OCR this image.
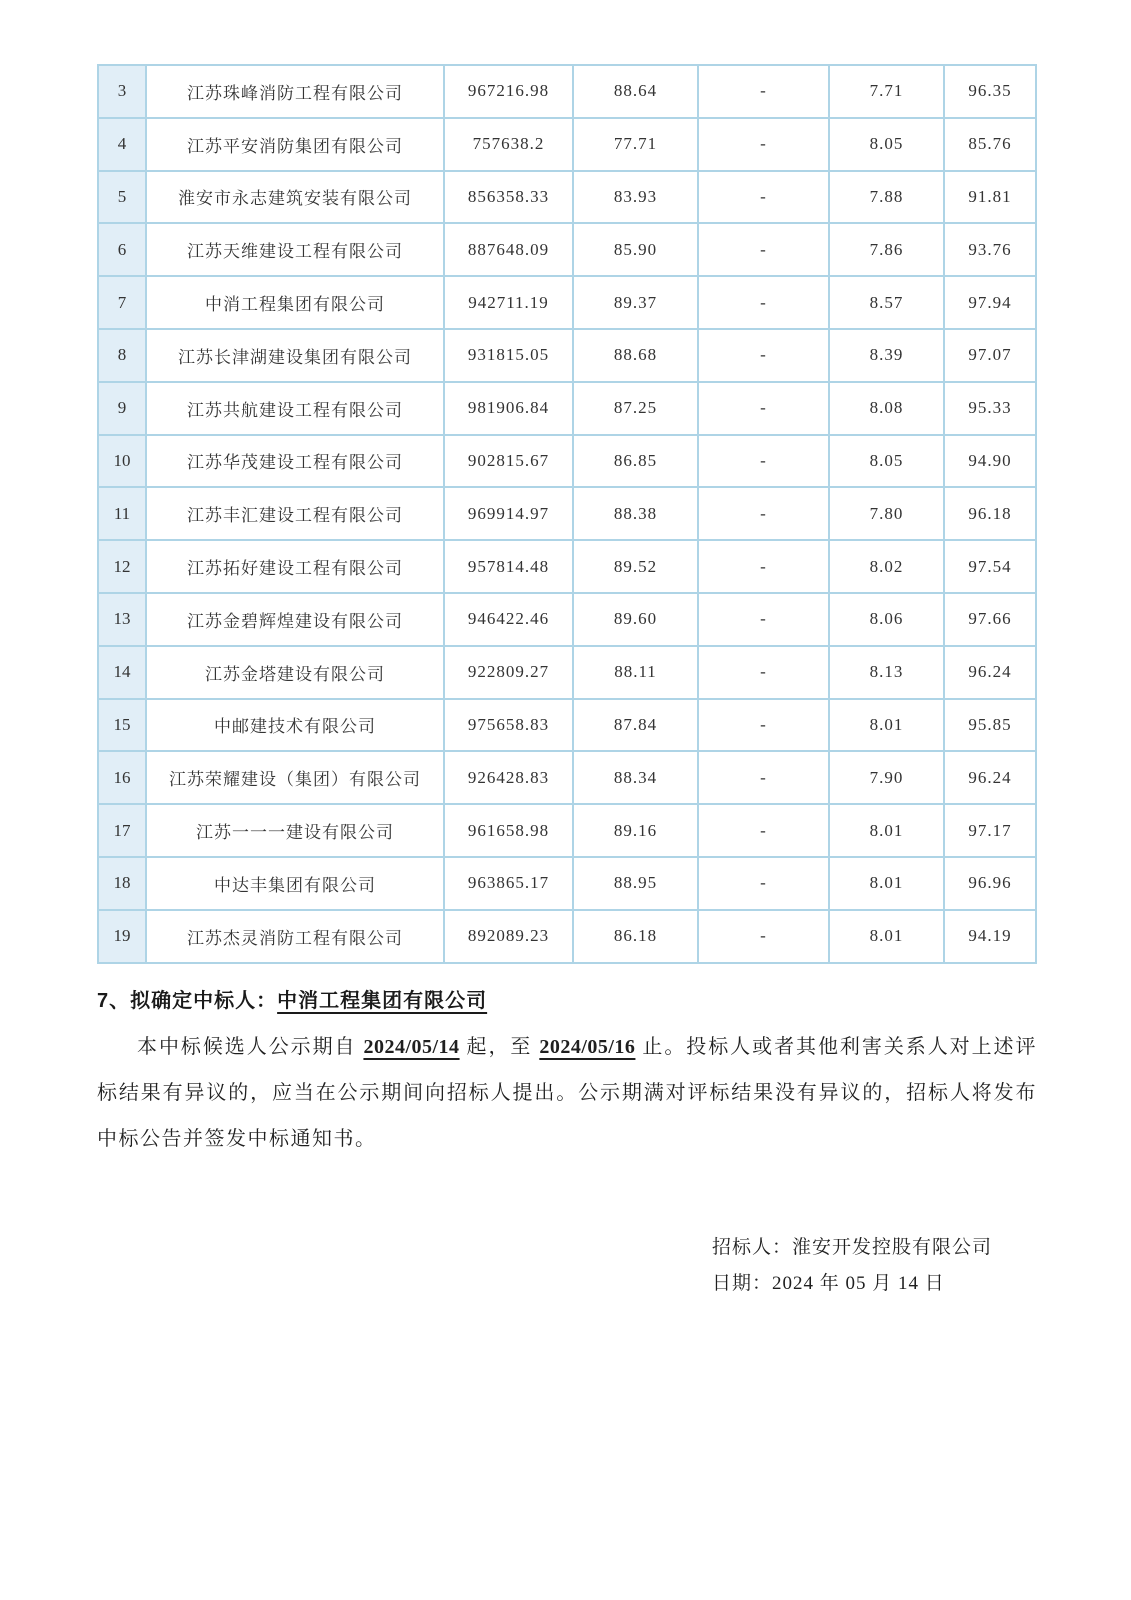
3	江苏珠峰消防工程有限公司	967216.98	88.64	-	7.71	96.35
4	江苏平安消防集团有限公司	757638.2	77.71	-	8.05	85.76
5	淮安市永志建筑安装有限公司	856358.33	83.93	-	7.88	91.81
6	江苏天维建设工程有限公司	887648.09	85.90	-	7.86	93.76
7	中消工程集团有限公司	942711.19	89.37	-	8.57	97.94
8	江苏长津湖建设集团有限公司	931815.05	88.68	-	8.39	97.07
9	江苏共航建设工程有限公司	981906.84	87.25	-	8.08	95.33
10	江苏华茂建设工程有限公司	902815.67	86.85	-	8.05	94.90
11	江苏丰汇建设工程有限公司	969914.97	88.38	-	7.80	96.18
12	江苏拓好建设工程有限公司	957814.48	89.52	-	8.02	97.54
13	江苏金碧辉煌建设有限公司	946422.46	89.60	-	8.06	97.66
14	江苏金塔建设有限公司	922809.27	88.11	-	8.13	96.24
15	中邮建技术有限公司	975658.83	87.84	-	8.01	95.85
16	江苏荣耀建设（集团）有限公司	926428.83	88.34	-	7.90	96.24
17	江苏一一一建设有限公司	961658.98	89.16	-	8.01	97.17
18	中达丰集团有限公司	963865.17	88.95	-	8.01	96.96
19	江苏杰灵消防工程有限公司	892089.23	86.18	-	8.01	94.19
7、拟确定中标人：中消工程集团有限公司
本中标候选人公示期自 2024/05/14 起，至 2024/05/16 止。投标人或者其他利害关系人对上述评标结果有异议的，应当在公示期间向招标人提出。公示期满对评标结果没有异议的，招标人将发布中标公告并签发中标通知书。
招标人：淮安开发控股有限公司
日期：2024 年 05 月 14 日
